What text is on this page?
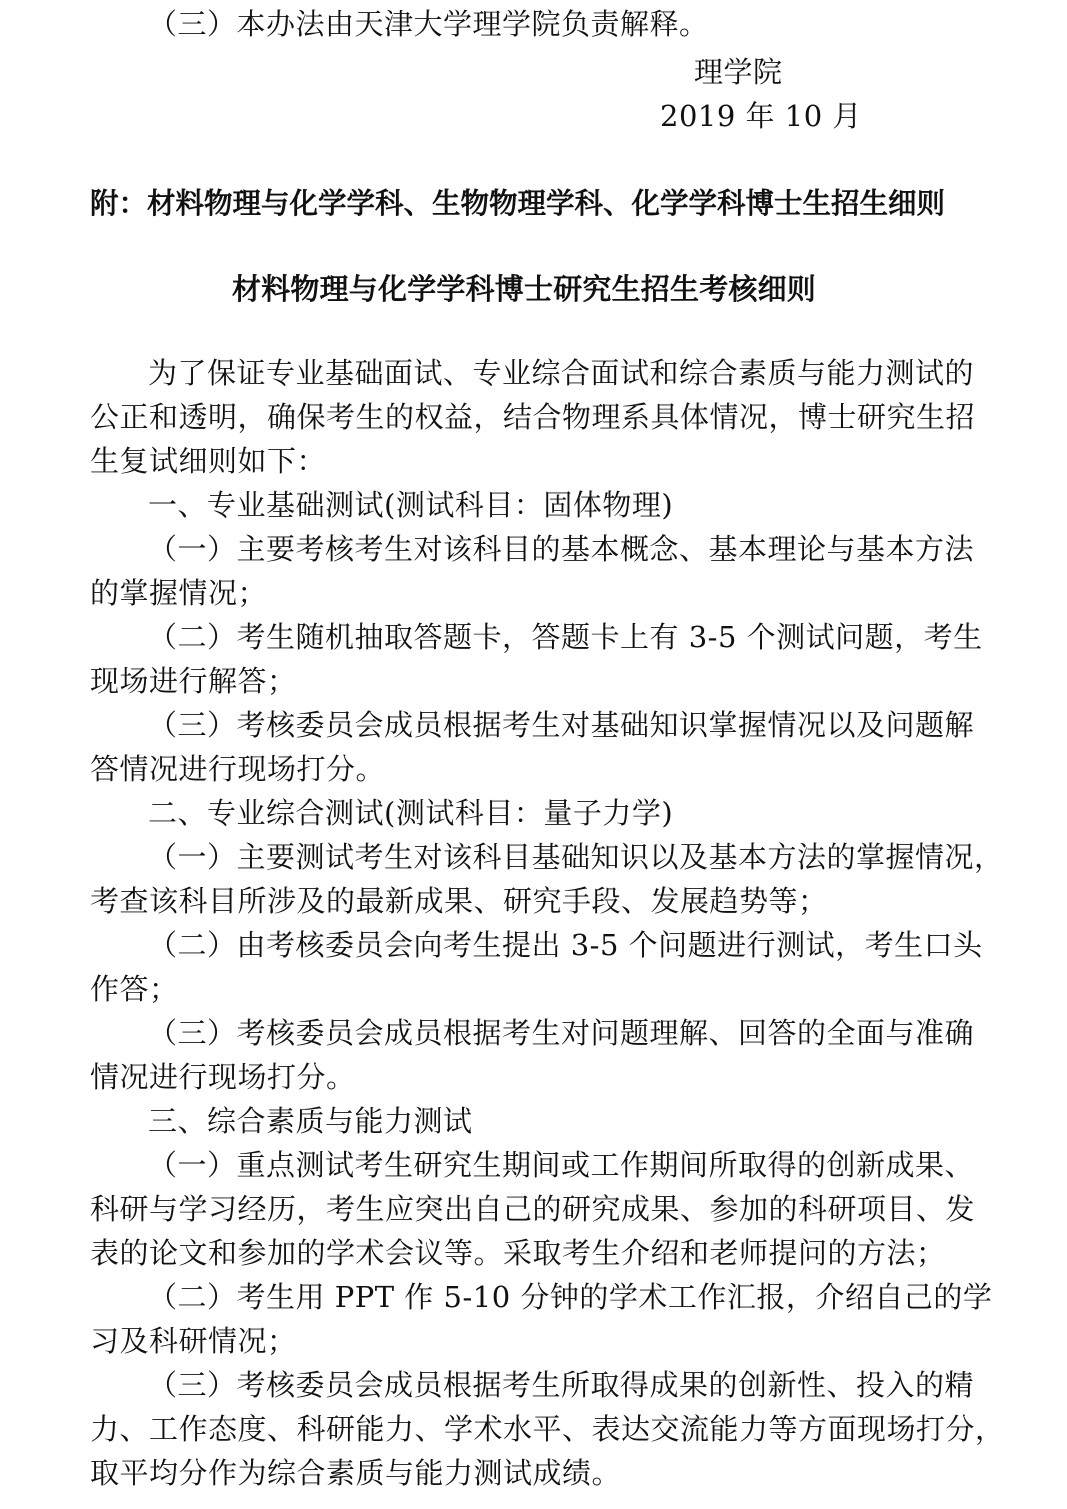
（三）本办法由天津大学理学院负责解释。
理学院
2019 年 10 月
附：材料物理与化学学科、生物物理学科、化学学科博士生招生细则
材料物理与化学学科博士研究生招生考核细则
为了保证专业基础面试、专业综合面试和综合素质与能力测试的
公正和透明，确保考生的权益，结合物理系具体情况，博士研究生招
生复试细则如下：
一、专业基础测试(测试科目：固体物理)
（一）主要考核考生对该科目的基本概念、基本理论与基本方法
的掌握情况；
（二）考生随机抽取答题卡，答题卡上有 3-5 个测试问题，考生
现场进行解答；
（三）考核委员会成员根据考生对基础知识掌握情况以及问题解
答情况进行现场打分。
二、专业综合测试(测试科目：量子力学)
（一）主要测试考生对该科目基础知识以及基本方法的掌握情况，
考查该科目所涉及的最新成果、研究手段、发展趋势等；
（二）由考核委员会向考生提出 3-5 个问题进行测试，考生口头
作答；
（三）考核委员会成员根据考生对问题理解、回答的全面与准确
情况进行现场打分。
三、综合素质与能力测试
（一）重点测试考生研究生期间或工作期间所取得的创新成果、
科研与学习经历，考生应突出自己的研究成果、参加的科研项目、发
表的论文和参加的学术会议等。采取考生介绍和老师提问的方法；
（二）考生用 PPT 作 5-10 分钟的学术工作汇报，介绍自己的学
习及科研情况；
（三）考核委员会成员根据考生所取得成果的创新性、投入的精
力、工作态度、科研能力、学术水平、表达交流能力等方面现场打分，
取平均分作为综合素质与能力测试成绩。
